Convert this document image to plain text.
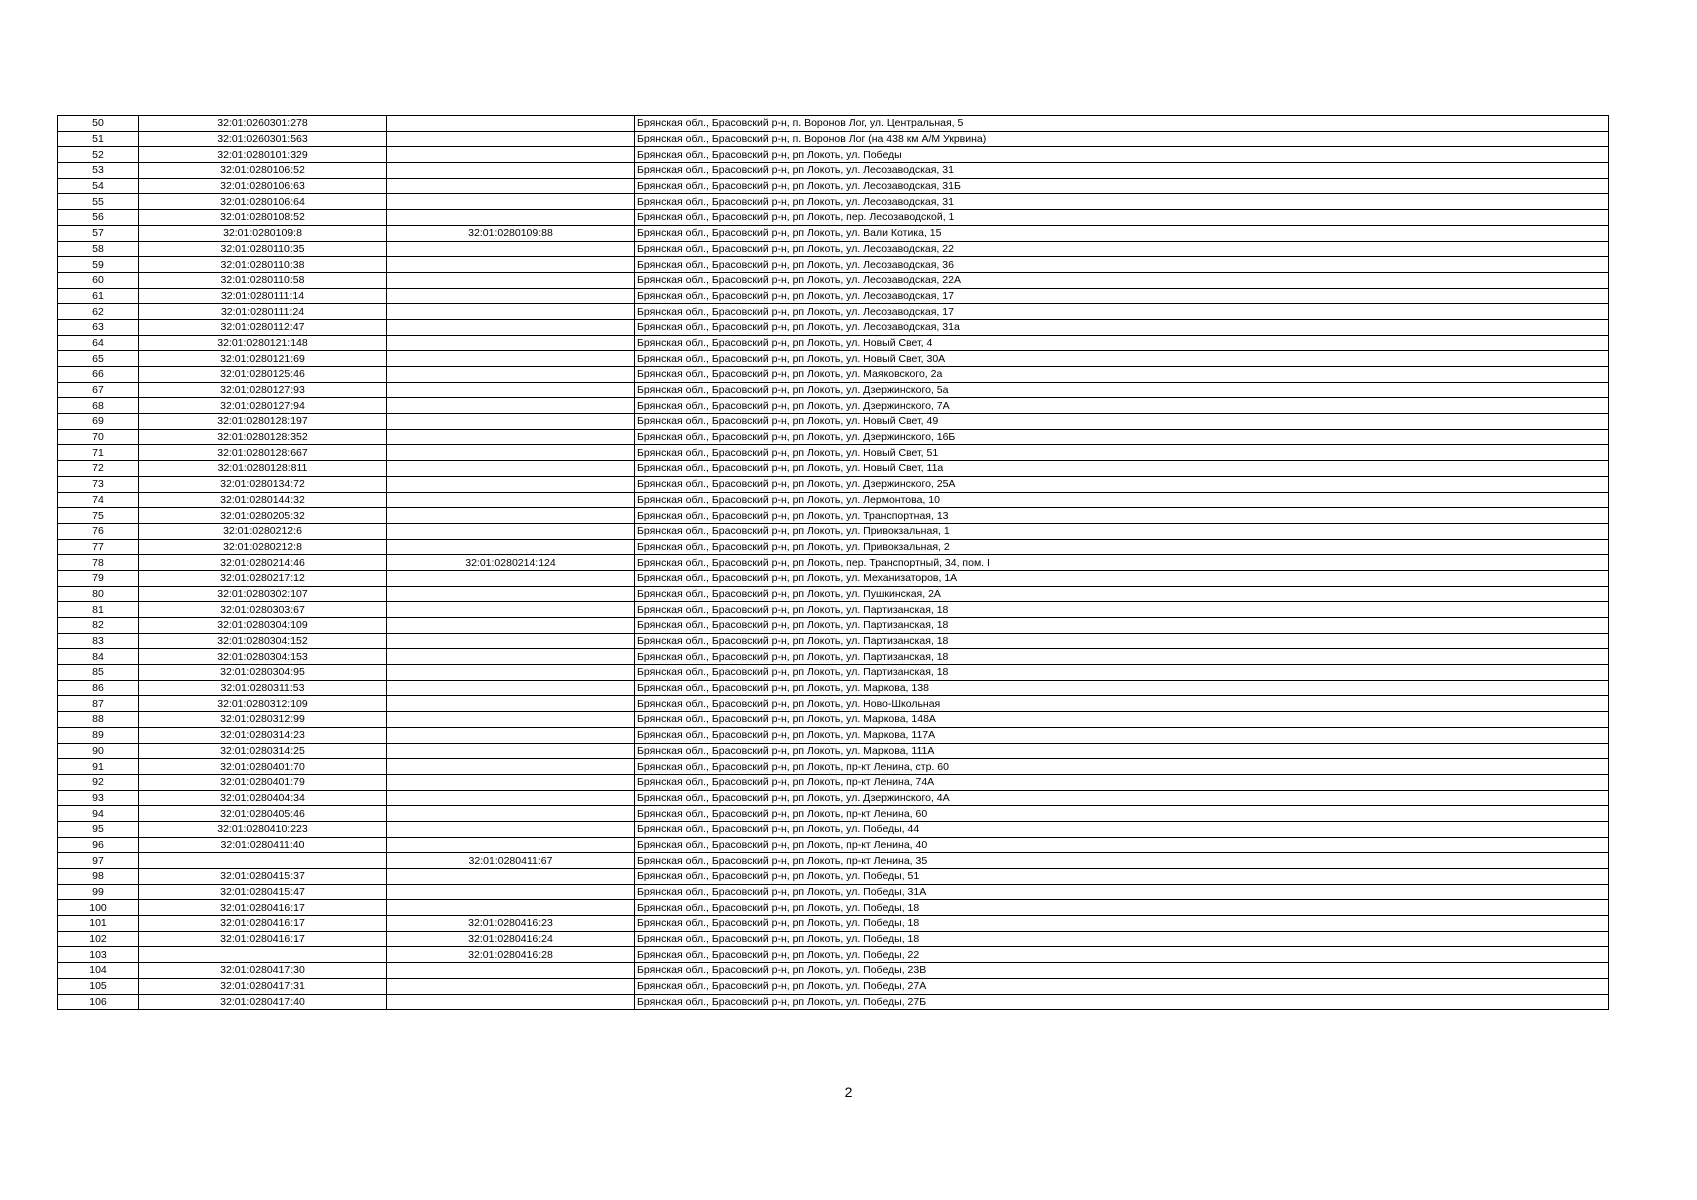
50	32:01:0260301:278		Брянская обл., Брасовский р-н, п. Воронов Лог, ул. Центральная, 5
51	32:01:0260301:563		Брянская обл., Брасовский р-н, п. Воронов Лог (на 438 км А/М Укрвина)
52	32:01:0280101:329		Брянская обл., Брасовский р-н, рп Локоть, ул. Победы
53	32:01:0280106:52		Брянская обл., Брасовский р-н, рп Локоть, ул. Лесозаводская, 31
54	32:01:0280106:63		Брянская обл., Брасовский р-н, рп Локоть, ул. Лесозаводская, 31Б
55	32:01:0280106:64		Брянская обл., Брасовский р-н, рп Локоть, ул. Лесозаводская, 31
56	32:01:0280108:52		Брянская обл., Брасовский р-н, рп Локоть, пер. Лесозаводской, 1
57	32:01:0280109:8	32:01:0280109:88	Брянская обл., Брасовский р-н, рп Локоть, ул. Вали Котика, 15
58	32:01:0280110:35		Брянская обл., Брасовский р-н, рп Локоть, ул. Лесозаводская, 22
59	32:01:0280110:38		Брянская обл., Брасовский р-н, рп Локоть, ул. Лесозаводская, 36
60	32:01:0280110:58		Брянская обл., Брасовский р-н, рп Локоть, ул. Лесозаводская, 22А
61	32:01:0280111:14		Брянская обл., Брасовский р-н, рп Локоть, ул. Лесозаводская, 17
62	32:01:0280111:24		Брянская обл., Брасовский р-н, рп Локоть, ул. Лесозаводская, 17
63	32:01:0280112:47		Брянская обл., Брасовский р-н, рп Локоть, ул. Лесозаводская, 31а
64	32:01:0280121:148		Брянская обл., Брасовский р-н, рп Локоть, ул. Новый Свет, 4
65	32:01:0280121:69		Брянская обл., Брасовский р-н, рп Локоть, ул. Новый Свет, 30А
66	32:01:0280125:46		Брянская обл., Брасовский р-н, рп Локоть, ул. Маяковского, 2а
67	32:01:0280127:93		Брянская обл., Брасовский р-н, рп Локоть, ул. Дзержинского, 5а
68	32:01:0280127:94		Брянская обл., Брасовский р-н, рп Локоть, ул. Дзержинского, 7А
69	32:01:0280128:197		Брянская обл., Брасовский р-н, рп Локоть, ул. Новый Свет, 49
70	32:01:0280128:352		Брянская обл., Брасовский р-н, рп Локоть, ул. Дзержинского, 16Б
71	32:01:0280128:667		Брянская обл., Брасовский р-н, рп Локоть, ул. Новый Свет, 51
72	32:01:0280128:811		Брянская обл., Брасовский р-н, рп Локоть, ул. Новый Свет, 11а
73	32:01:0280134:72		Брянская обл., Брасовский р-н, рп Локоть, ул. Дзержинского, 25А
74	32:01:0280144:32		Брянская обл., Брасовский р-н, рп Локоть, ул. Лермонтова, 10
75	32:01:0280205:32		Брянская обл., Брасовский р-н, рп Локоть, ул. Транспортная, 13
76	32:01:0280212:6		Брянская обл., Брасовский р-н, рп Локоть, ул. Привокзальная, 1
77	32:01:0280212:8		Брянская обл., Брасовский р-н, рп Локоть, ул. Привокзальная, 2
78	32:01:0280214:46	32:01:0280214:124	Брянская обл., Брасовский р-н, рп Локоть, пер. Транспортный, 34, пом. I
79	32:01:0280217:12		Брянская обл., Брасовский р-н, рп Локоть, ул. Механизаторов, 1А
80	32:01:0280302:107		Брянская обл., Брасовский р-н, рп Локоть, ул. Пушкинская, 2А
81	32:01:0280303:67		Брянская обл., Брасовский р-н, рп Локоть, ул. Партизанская, 18
82	32:01:0280304:109		Брянская обл., Брасовский р-н, рп Локоть, ул. Партизанская, 18
83	32:01:0280304:152		Брянская обл., Брасовский р-н, рп Локоть, ул. Партизанская, 18
84	32:01:0280304:153		Брянская обл., Брасовский р-н, рп Локоть, ул. Партизанская, 18
85	32:01:0280304:95		Брянская обл., Брасовский р-н, рп Локоть, ул. Партизанская, 18
86	32:01:0280311:53		Брянская обл., Брасовский р-н, рп Локоть, ул. Маркова, 138
87	32:01:0280312:109		Брянская обл., Брасовский р-н, рп Локоть, ул. Ново-Школьная
88	32:01:0280312:99		Брянская обл., Брасовский р-н, рп Локоть, ул. Маркова, 148А
89	32:01:0280314:23		Брянская обл., Брасовский р-н, рп Локоть, ул. Маркова, 117А
90	32:01:0280314:25		Брянская обл., Брасовский р-н, рп Локоть, ул. Маркова, 111А
91	32:01:0280401:70		Брянская обл., Брасовский р-н, рп Локоть, пр-кт Ленина, стр. 60
92	32:01:0280401:79		Брянская обл., Брасовский р-н, рп Локоть, пр-кт Ленина, 74А
93	32:01:0280404:34		Брянская обл., Брасовский р-н, рп Локоть, ул. Дзержинского, 4А
94	32:01:0280405:46		Брянская обл., Брасовский р-н, рп Локоть, пр-кт Ленина, 60
95	32:01:0280410:223		Брянская обл., Брасовский р-н, рп Локоть, ул. Победы, 44
96	32:01:0280411:40		Брянская обл., Брасовский р-н, рп Локоть, пр-кт Ленина, 40
97		32:01:0280411:67	Брянская обл., Брасовский р-н, рп Локоть, пр-кт Ленина, 35
98	32:01:0280415:37		Брянская обл., Брасовский р-н, рп Локоть, ул. Победы, 51
99	32:01:0280415:47		Брянская обл., Брасовский р-н, рп Локоть, ул. Победы, 31А
100	32:01:0280416:17		Брянская обл., Брасовский р-н, рп Локоть, ул. Победы, 18
101	32:01:0280416:17	32:01:0280416:23	Брянская обл., Брасовский р-н, рп Локоть, ул. Победы, 18
102	32:01:0280416:17	32:01:0280416:24	Брянская обл., Брасовский р-н, рп Локоть, ул. Победы, 18
103		32:01:0280416:28	Брянская обл., Брасовский р-н, рп Локоть, ул. Победы, 22
104	32:01:0280417:30		Брянская обл., Брасовский р-н, рп Локоть, ул. Победы, 23В
105	32:01:0280417:31		Брянская обл., Брасовский р-н, рп Локоть, ул. Победы, 27А
106	32:01:0280417:40		Брянская обл., Брасовский р-н, рп Локоть, ул. Победы, 27Б
2
